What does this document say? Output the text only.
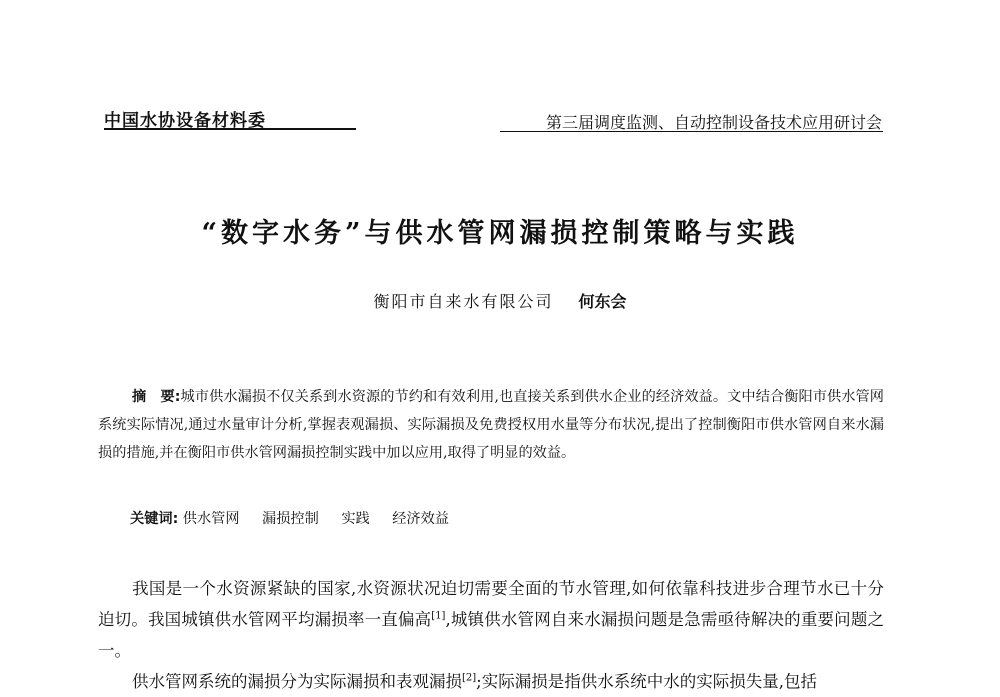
中国水协设备材料委	第三届调度监测、自动控制设备技术应用研讨会
“数字水务”与供水管网漏损控制策略与实践
衡阳市自来水有限公司 何东会
摘　要:城市供水漏损不仅关系到水资源的节约和有效利用,也直接关系到供水企业的经济效益。文中结合衡阳市供水管网系统实际情况,通过水量审计分析,掌握表观漏损、实际漏损及免费授权用水量等分布状况,提出了控制衡阳市供水管网自来水漏损的措施,并在衡阳市供水管网漏损控制实践中加以应用,取得了明显的效益。
关键词: 供水管网 漏损控制 实践 经济效益

我国是一个水资源紧缺的国家,水资源状况迫切需要全面的节水管理,如何依靠科技进步合理节水已十分迫切。我国城镇供水管网平均漏损率一直偏高[1],城镇供水管网自来水漏损问题是急需亟待解决的重要问题之一。

供水管网系统的漏损分为实际漏损和表观漏损[2];实际漏损是指供水系统中水的实际损失量,包括
